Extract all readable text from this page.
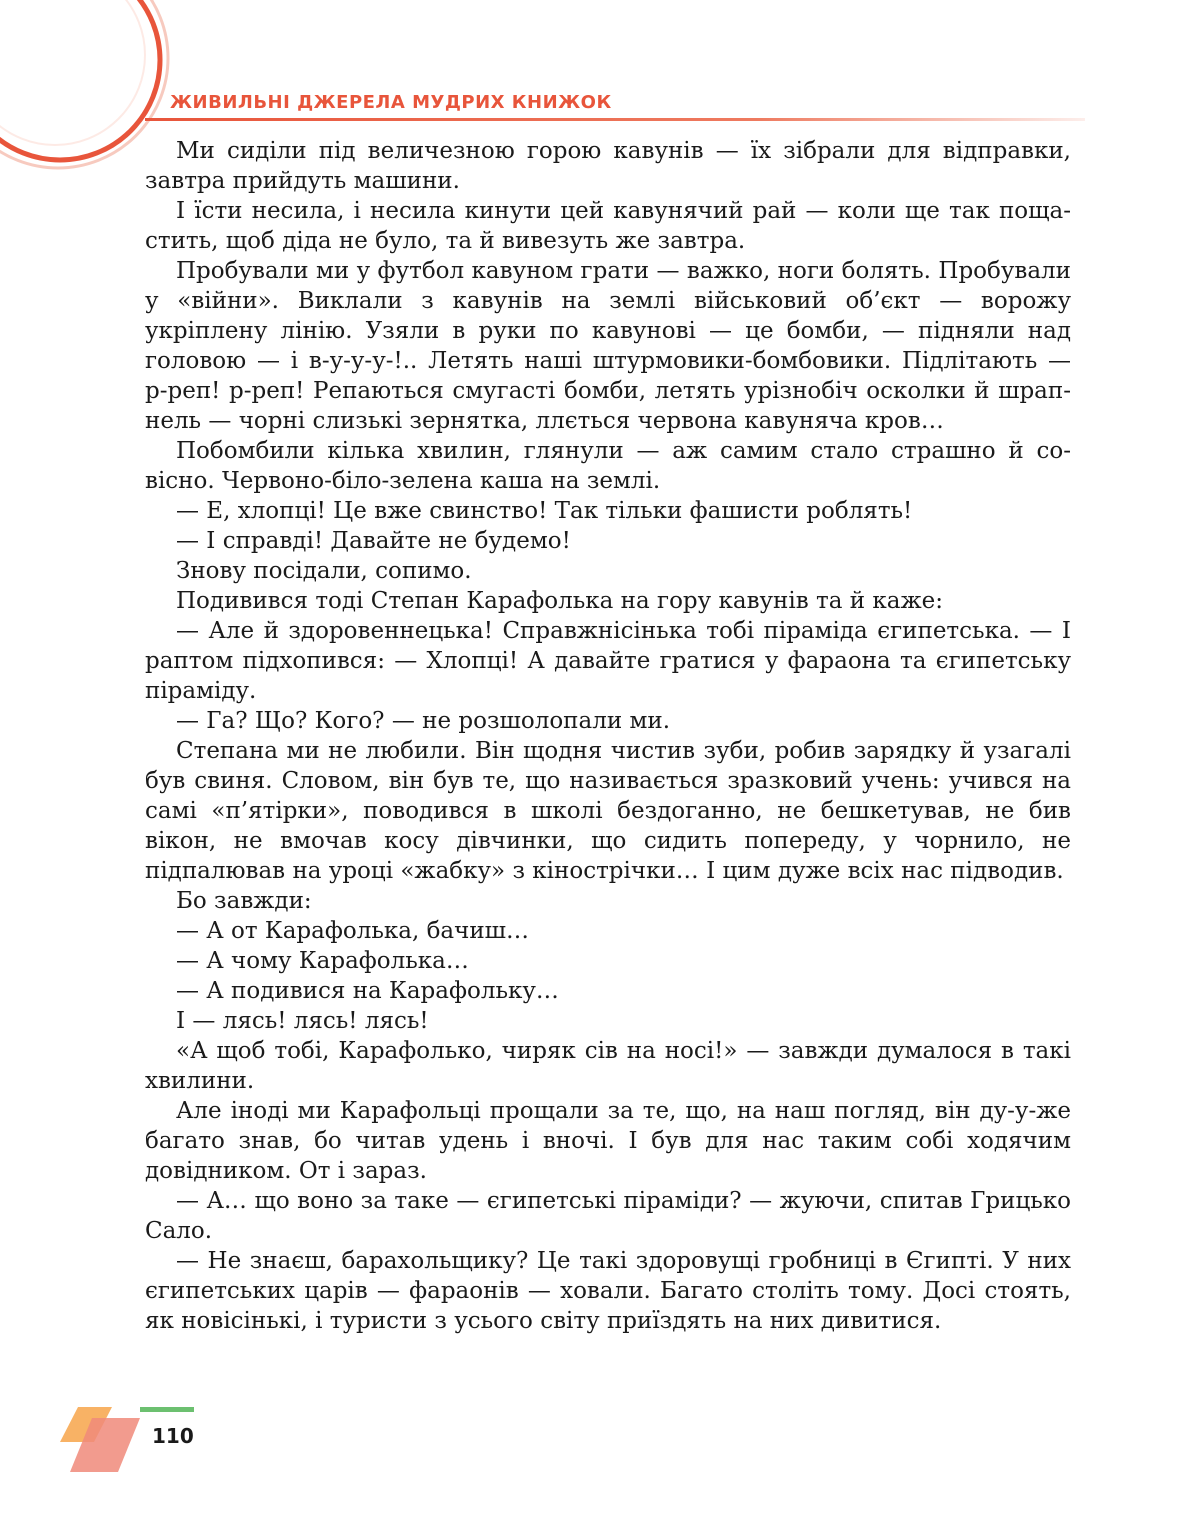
ЖИВИЛЬНІ ДЖЕРЕЛА МУДРИХ КНИЖОК

Ми сиділи під величезною горою кавунів — їх зібрали для відправки, завтра прийдуть машини.

І їсти несила, і несила кинути цей кавунячий рай — коли ще так пощастить, щоб діда не було, та й вивезуть же завтра.

Пробували ми у футбол кавуном грати — важко, ноги болять. Пробували у «війни». Виклали з кавунів на землі військовий об’єкт — ворожу укріплену лінію. Узяли в руки по кавунові — це бомби, — підняли над головою — і в-у-у-у-!.. Летять наші штурмовики-бомбовики. Підлітають — р-реп! р-реп! Репаються смугасті бомби, летять урізнобіч осколки й шрапнель — чорні слизькі зернятка, ллється червона кавуняча кров…

Побомбили кілька хвилин, глянули — аж самим стало страшно й совісно. Червоно-біло-зелена каша на землі.

— Е, хлопці! Це вже свинство! Так тільки фашисти роблять!

— І справді! Давайте не будемо!

Знову посідали, сопимо.

Подивився тоді Степан Карафолька на гору кавунів та й каже:

— Але й здоровеннецька! Справжнісінька тобі піраміда єгипетська. — І раптом підхопився: — Хлопці! А давайте гратися у фараона та єгипетську піраміду.

— Га? Що? Кого? — не розшолопали ми.

Степана ми не любили. Він щодня чистив зуби, робив зарядку й узагалі був свиня. Словом, він був те, що називається зразковий учень: учився на самі «п’ятірки», поводився в школі бездоганно, не бешкетував, не бив вікон, не вмочав косу дівчинки, що сидить попереду, у чорнило, не підпалював на уроці «жабку» з кінострічки… І цим дуже всіх нас підводив.

Бо завжди:

— А от Карафолька, бачиш…

— А чому Карафолька…

— А подивися на Карафольку…

І — лясь! лясь! лясь!

«А щоб тобі, Карафолько, чиряк сів на носі!» — завжди думалося в такі хвилини.

Але іноді ми Карафольці прощали за те, що, на наш погляд, він ду-у-же багато знав, бо читав удень і вночі. І був для нас таким собі ходячим довідником. От і зараз.

— А… що воно за таке — єгипетські піраміди? — жуючи, спитав Грицько Сало.

— Не знаєш, барахольщику? Це такі здоровущі гробниці в Єгипті. У них єгипетських царів — фараонів — ховали. Багато століть тому. Досі стоять, як новісінькі, і туристи з усього світу приїздять на них дивитися.

110
